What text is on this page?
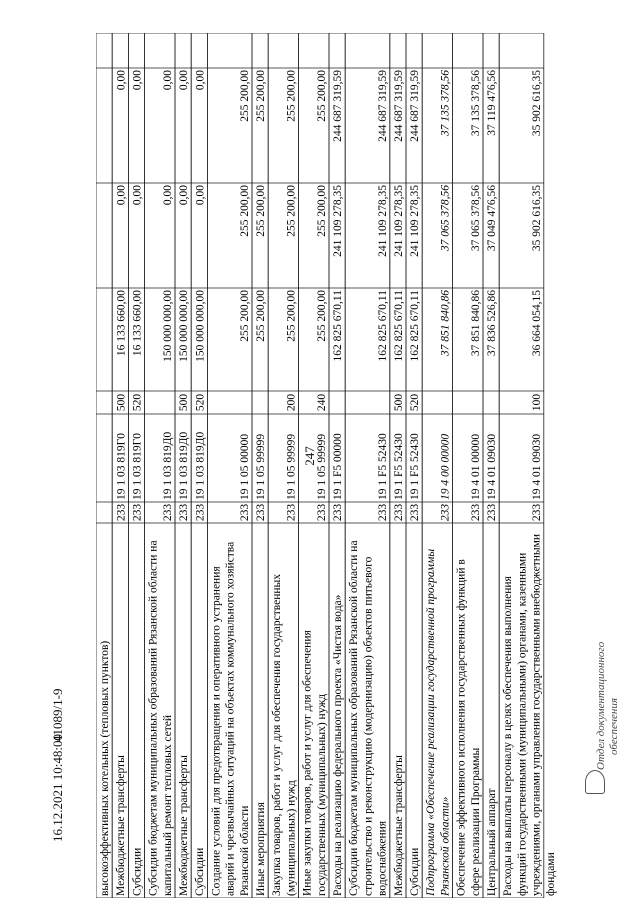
247
высокоэффективных котельных (тепловых пунктов) Межбюджетные трансферты
233
19 1 03 819Г0
500
16 133 660,00
0,00
0,00
Субсидии
233
19 1 03 819Г0
520
16 133 660,00
0,00
0,00
Субсидии бюджетам муниципальных образований Рязанской области на капитальный ремонт тепловых сетей
233
19 1 03 819Д0
150 000 000,00
0,00
0,00
Межбюджетные трансферты
233
19 1 03 819Д0
500
150 000 000,00
0,00
0,00
Субсидии
233
19 1 03 819Д0
520
150 000 000,00
0,00
0,00
Создание условий для предотвращения и оперативного устранения аварий и чрезвычайных ситуаций на объектах коммунального хозяйства Рязанской области
233
19 1 05 00000
255 200,00
255 200,00
255 200,00
Иные мероприятия
233
19 1 05 99999
255 200,00
255 200,00
255 200,00
Закупка товаров, работ и услуг для обеспечения государственных (муниципальных) нужд
233
19 1 05 99999
200
255 200,00
255 200,00
255 200,00
Иные закупки товаров, работ и услуг для обеспечения государственных (муниципальных) нужд
233
19 1 05 99999
240
255 200,00
255 200,00
255 200,00
Расходы на реализацию федерального проекта «Чистая вода»
233
19 1 F5 00000
162 825 670,11
241 109 278,35
244 687 319,59
Субсидии бюджетам муниципальных образований Рязанской области на строительство и реконструкцию (модернизацию) объектов питьевого водоснабжения
233
19 1 F5 52430
162 825 670,11
241 109 278,35
244 687 319,59
Межбюджетные трансферты
233
19 1 F5 52430
500
162 825 670,11
241 109 278,35
244 687 319,59
Субсидии
233
19 1 F5 52430
520
162 825 670,11
241 109 278,35
244 687 319,59
Подпрограмма «Обеспечение реализации государственной программы Рязанской области»
233
19 4 00 00000
37 851 840,86
37 065 378,56
37 135 378,56
Обеспечение эффективного исполнения государственных функций в сфере реализации Программы
233
19 4 01 00000
37 851 840,86
37 065 378,56
37 135 378,56
Центральный аппарат
233
19 4 01 09030
37 836 526,86
37 049 476,56
37 119 476,56
Расходы на выплаты персоналу в целях обеспечения выполнения функций государственными (муниципальными) органами, казенными учреждениями, органами управления государственными внебюджетными фондами
233
19 4 01 09030
100
36 664 054,15
35 902 616,35
35 902 616,35
16.12.2021 10:48:00
41089/1-9	Отдел документационного обеспечения
